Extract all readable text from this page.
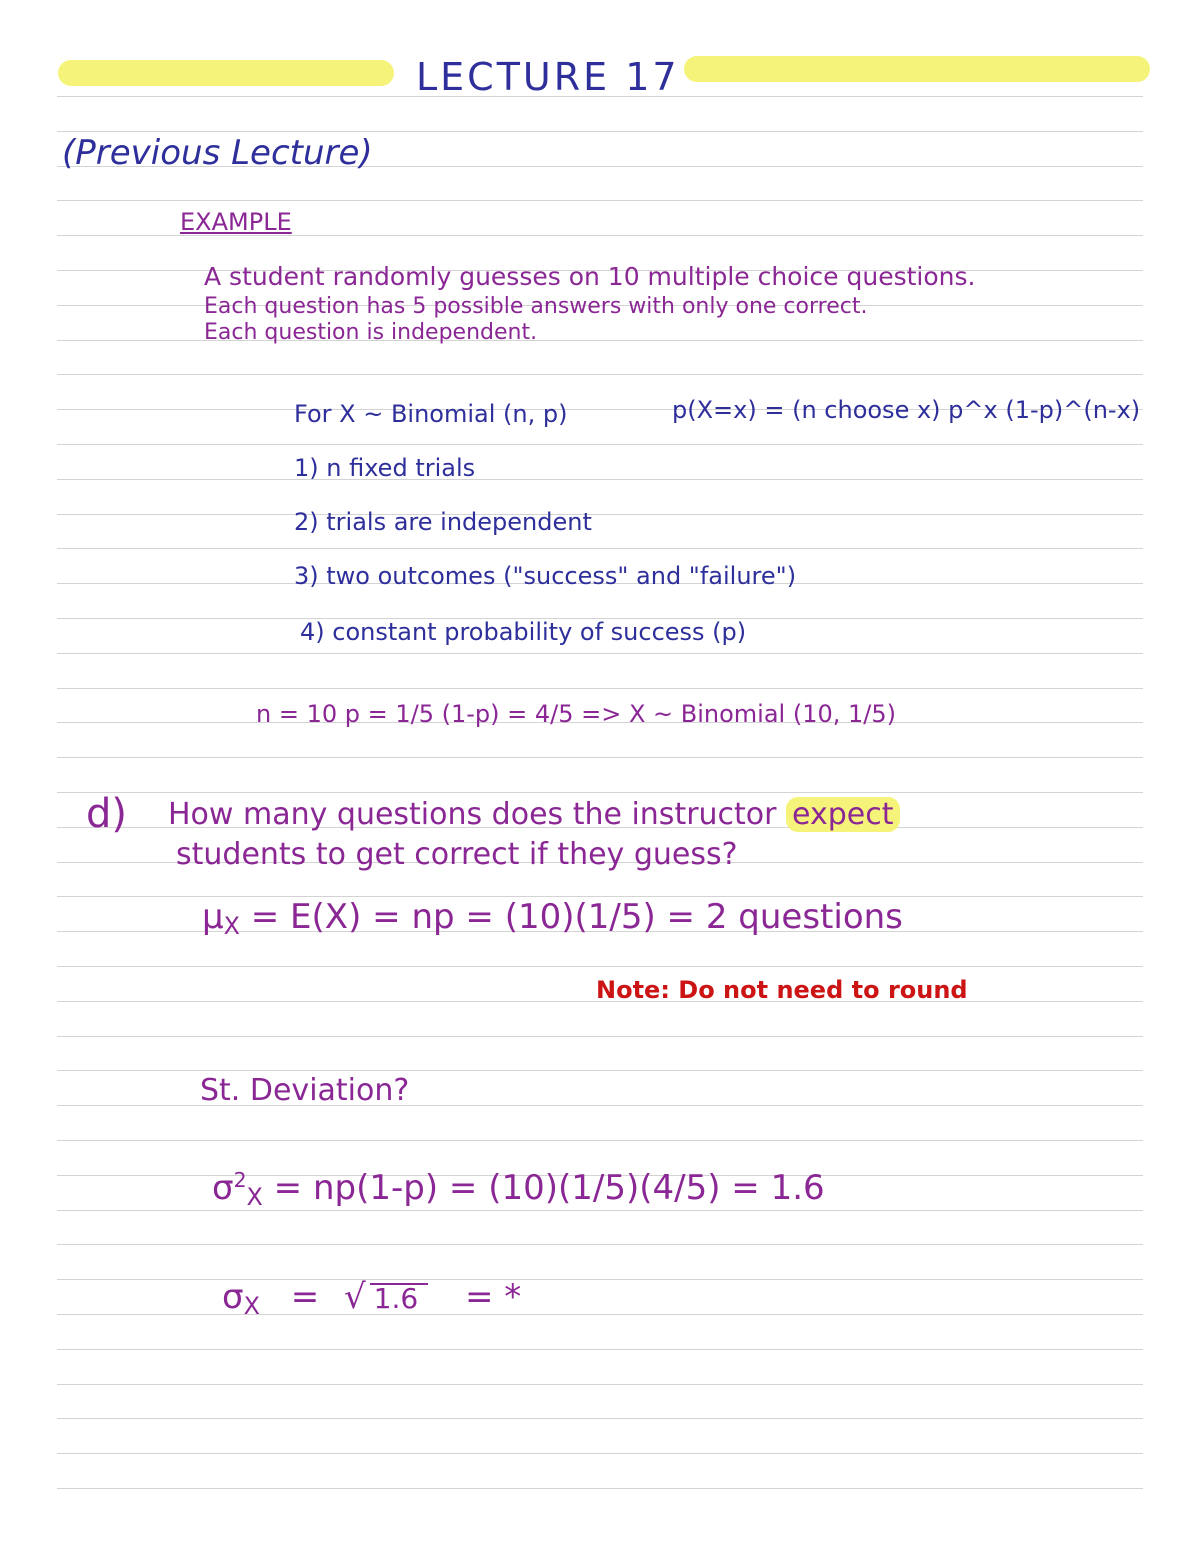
LECTURE 17
(Previous Lecture)
EXAMPLE
A student randomly guesses on 10 multiple choice questions.
Each question has 5 possible answers with only one correct.
Each question is independent.
For X ~ Binomial (n, p)	p(X=x) = (n choose x) p^x (1-p)^(n-x)
1) n fixed trials
2) trials are independent
3) two outcomes ("success" and "failure")
4) constant probability of success (p)
n = 10 p = 1/5 (1-p) = 4/5 => X ~ Binomial (10, 1/5)
d) How many questions does the instructor expect
students to get correct if they guess?
$\mu_X = E(X)$ = np = (10)(1/5) = 2 questions
Note: Do not need to round
St. Deviation?
$\sigma^2_X = np(1-p) = (10)(1/5)(4/5) = 1.6$
$\sigma_X$ = √ 1.6 = *
